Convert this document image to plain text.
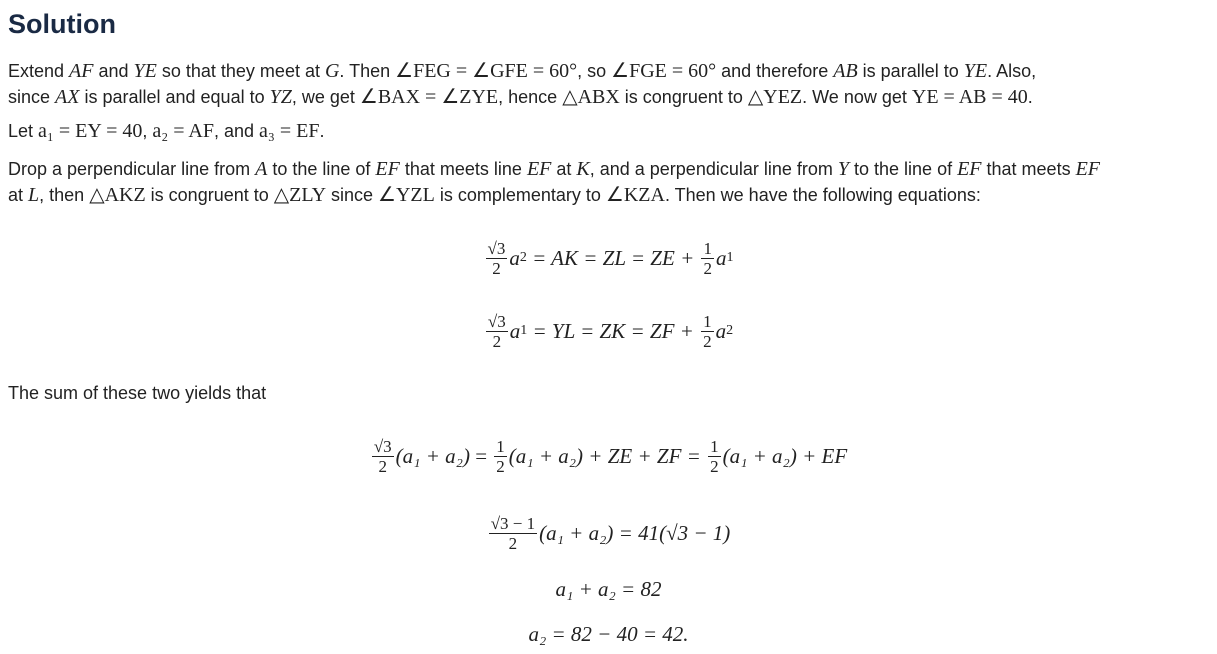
Solution

Extend AF and YE so that they meet at G. Then ∠FEG = ∠GFE = 60°, so ∠FGE = 60° and therefore AB is parallel to YE. Also,
since AX is parallel and equal to YZ, we get ∠BAX = ∠ZYE, hence △ABX is congruent to △YEZ. We now get YE = AB = 40.

Let a₁ = EY = 40, a₂ = AF, and a₃ = EF.

Drop a perpendicular line from A to the line of EF that meets line EF at K, and a perpendicular line from Y to the line of EF that meets EF
at L, then △AKZ is congruent to △ZLY since ∠YZL is complementary to ∠KZA. Then we have the following equations:

$\frac{√3}{2}$ a 2 = AK = ZL = ZE + $\frac{1}{2}$ a 1
$\frac{√3}{2}$ a 1 = YL = ZK = ZF + $\frac{1}{2}$ a 2

The sum of these two yields that

$\frac{√3}{2} (a_1 + a_2) = \frac{1}{2} (a_1 + a_2)$ + ZE + ZF = $\frac{1}{2} (a_1 + a_2)$ + EF
$\frac{√3 - 1}{2} (a_1 + a_2) = 41(√3 - 1)$
a₁ + a₂ = 82
a₂ = 82 − 40 = 42.
